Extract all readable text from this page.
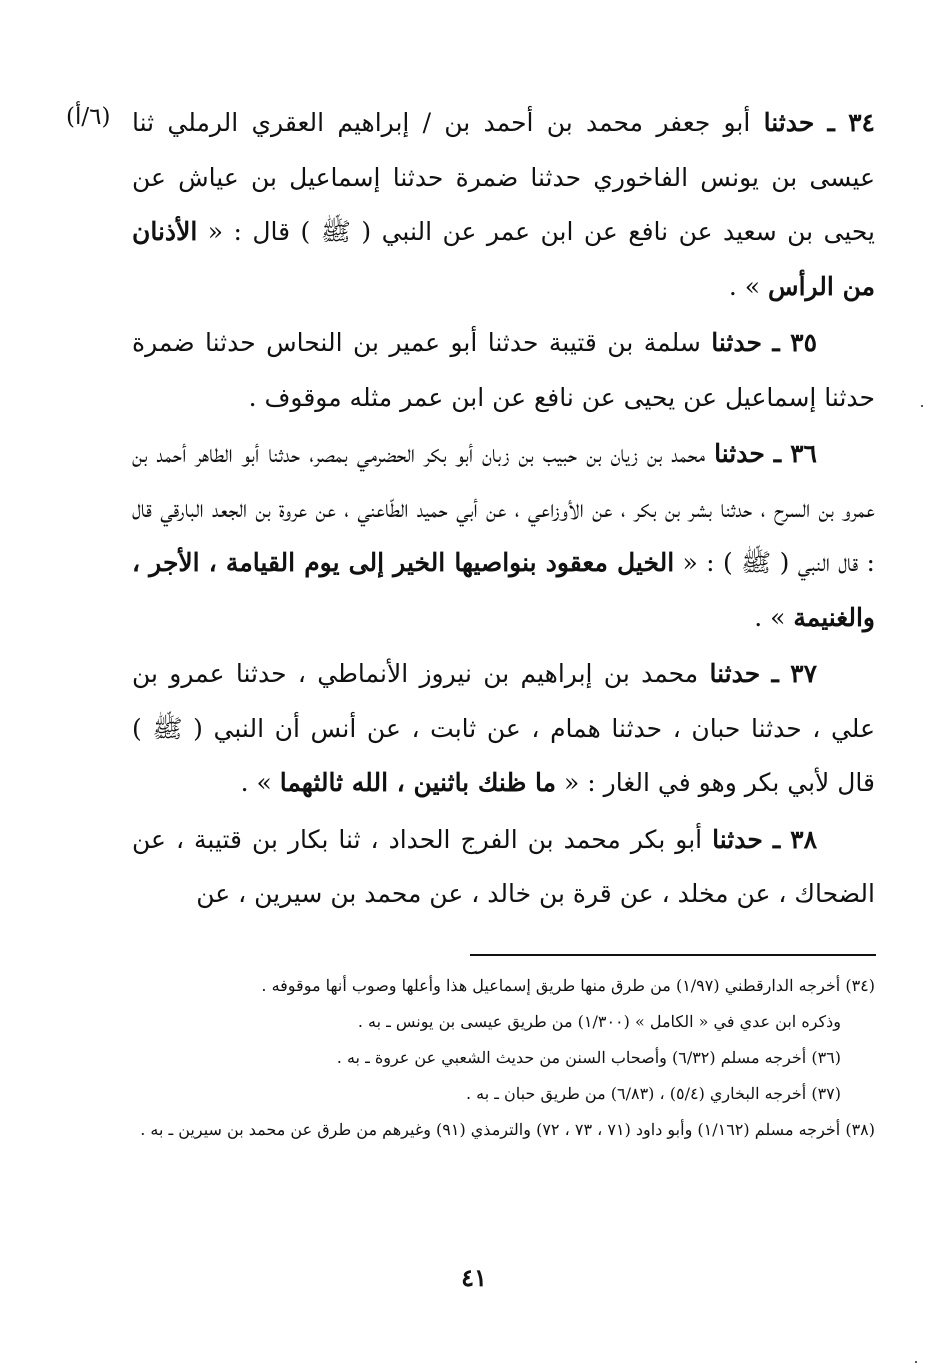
(٦/أ)	٣٤ ـ حدثنا أبو جعفر محمد بن أحمد بن / إبراهيم العقري الرملي ثنا عيسى بن يونس الفاخوري حدثنا ضمرة حدثنا إسماعيل بن عياش عن يحيى بن سعيد عن نافع عن ابن عمر عن النبي ( ﷺ ) قال : « الأذنان من الرأس » .

٣٥ ـ حدثنا سلمة بن قتيبة حدثنا أبو عمير بن النحاس حدثنا ضمرة حدثنا إسماعيل عن يحيى عن نافع عن ابن عمر مثله موقوف .

٣٦ ـ حدثنا محمد بن زيان بن حبيب بن زبان أبو بكر الحضرمي بمصر، حدثنا أبو الطاهر أحمد بن عمرو بن السرح ، حدثنا بشر بن بكر ، عن الأوزاعي ، عن أبي حميد الطّاعني ، عن عروة بن الجعد البارقي قال : قال النبي ( ﷺ ) : « الخيل معقود بنواصيها الخير إلى يوم القيامة ، الأجر ، والغنيمة » .

٣٧ ـ حدثنا محمد بن إبراهيم بن نيروز الأنماطي ، حدثنا عمرو بن علي ، حدثنا حبان ، حدثنا همام ، عن ثابت ، عن أنس أن النبي ( ﷺ ) قال لأبي بكر وهو في الغار : « ما ظنك باثنين ، الله ثالثهما » .

٣٨ ـ حدثنا أبو بكر محمد بن الفرج الحداد ، ثنا بكار بن قتيبة ، عن الضحاك ، عن مخلد ، عن قرة بن خالد ، عن محمد بن سيرين ، عن

(٣٤) أخرجه الدارقطني (١/٩٧) من طرق منها طريق إسماعيل هذا وأعلها وصوب أنها موقوفه .

وذكره ابن عدي في « الكامل » (١/٣٠٠) من طريق عيسى بن يونس ـ به .

(٣٦) أخرجه مسلم (٦/٣٢) وأصحاب السنن من حديث الشعبي عن عروة ـ به .

(٣٧) أخرجه البخاري (٥/٤) ، (٦/٨٣) من طريق حبان ـ به .

(٣٨) أخرجه مسلم (١/١٦٢) وأبو داود (٧١ ، ٧٣ ، ٧٢) والترمذي (٩١) وغيرهم من طرق عن محمد بن سيرين ـ به .

٤١
